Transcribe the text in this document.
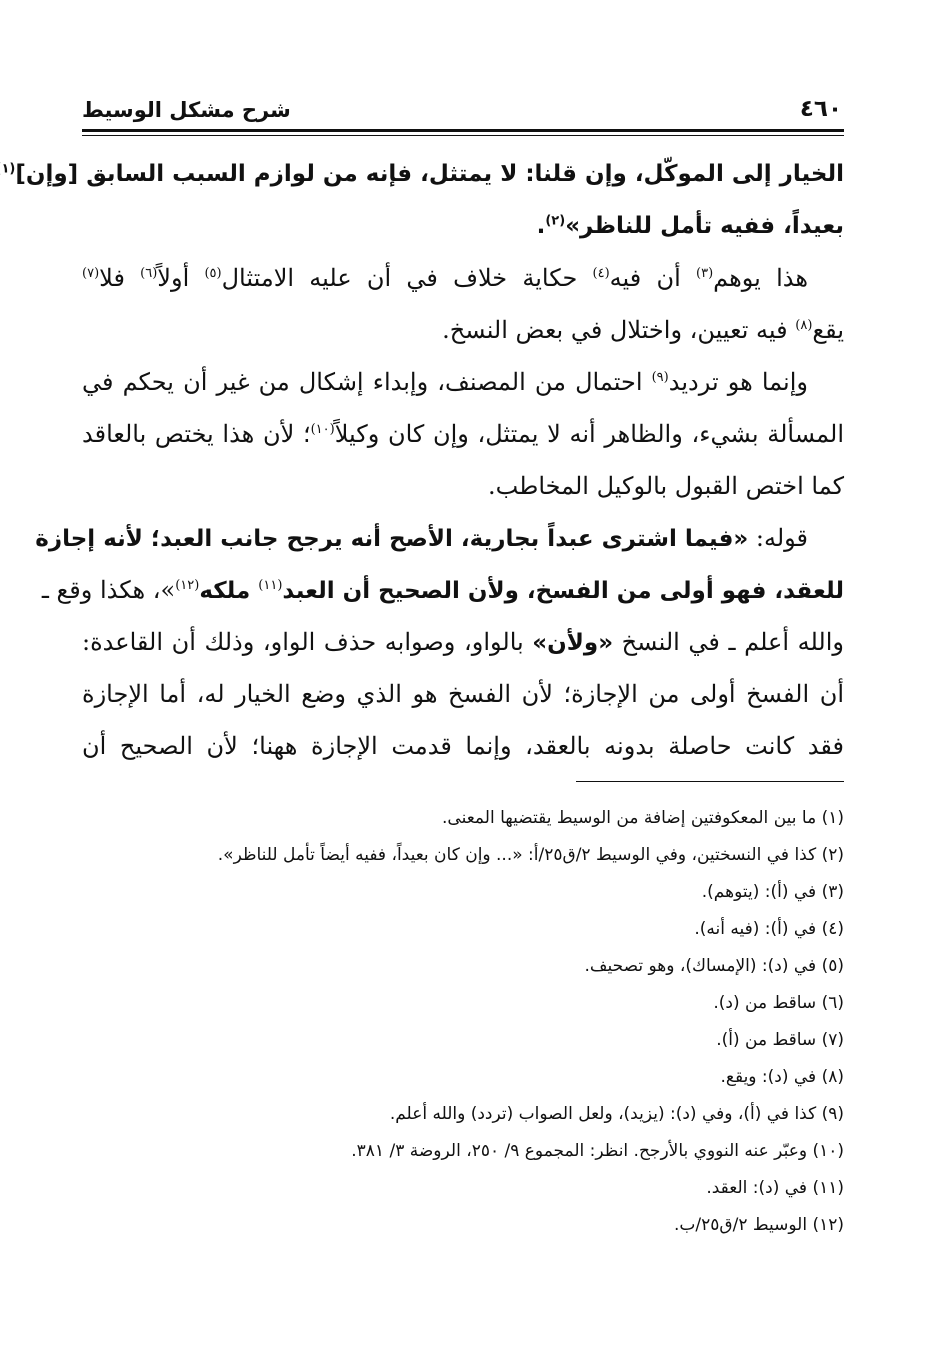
٤٦٠
شرح مشكل الوسيط
الخيار إلى الموكّل، وإن قلنا: لا يمتثل، فإنه من لوازم السبب السابق [وإن]$^{(١}$
بعيداً، ففيه تأمل للناظر»$^{(٢)}$.
هذا يوهم$^{(٣)}$ أن فيه$^{(٤)}$ حكاية خلاف في أن عليه الامتثال$^{(٥)}$ أولاً$^{(٦)}$ فلا$^{(٧)}$
يقع$^{(٨)}$ فيه تعيين، واختلال في بعض النسخ.
وإنما هو ترديد$^{(٩)}$ احتمال من المصنف، وإبداء إشكال من غير أن يحكم في
المسألة بشيء، والظاهر أنه لا يمتثل، وإن كان وكيلاً$^{(١٠)}$؛ لأن هذا يختص بالعاقد
كما اختص القبول بالوكيل المخاطب.
قوله: «فيما اشترى عبداً بجارية، الأصح أنه يرجح جانب العبد؛ لأنه إجازة
للعقد، فهو أولى من الفسخ، ولأن الصحيح أن العبد$^{(١١)}$ ملكه$^{(١٢)}$»، هكذا وقع ـ
والله أعلم ـ في النسخ «ولأن» بالواو، وصوابه حذف الواو، وذلك أن القاعدة:
أن الفسخ أولى من الإجازة؛ لأن الفسخ هو الذي وضع الخيار له، أما الإجازة
فقد كانت حاصلة بدونه بالعقد، وإنما قدمت الإجازة ههنا؛ لأن الصحيح أن
(١) ما بين المعكوفتين إضافة من الوسيط يقتضيها المعنى.
(٢) كذا في النسختين، وفي الوسيط ٢/ق٢٥/أ: «... وإن كان بعيداً، ففيه أيضاً تأمل للناظر».
(٣) في (أ): (يتوهم).
(٤) في (أ): (فيه أنه).
(٥) في (د): (الإمساك)، وهو تصحيف.
(٦) ساقط من (د).
(٧) ساقط من (أ).
(٨) في (د): ويقع.
(٩) كذا في (أ)، وفي (د): (يزيد)، ولعل الصواب (تردد) والله أعلم.
(١٠) وعبّر عنه النووي بالأرجح. انظر: المجموع ٩/ ٢٥٠، الروضة ٣/ ٣٨١.
(١١) في (د): العقد.
(١٢) الوسيط ٢/ق٢٥/ب.
